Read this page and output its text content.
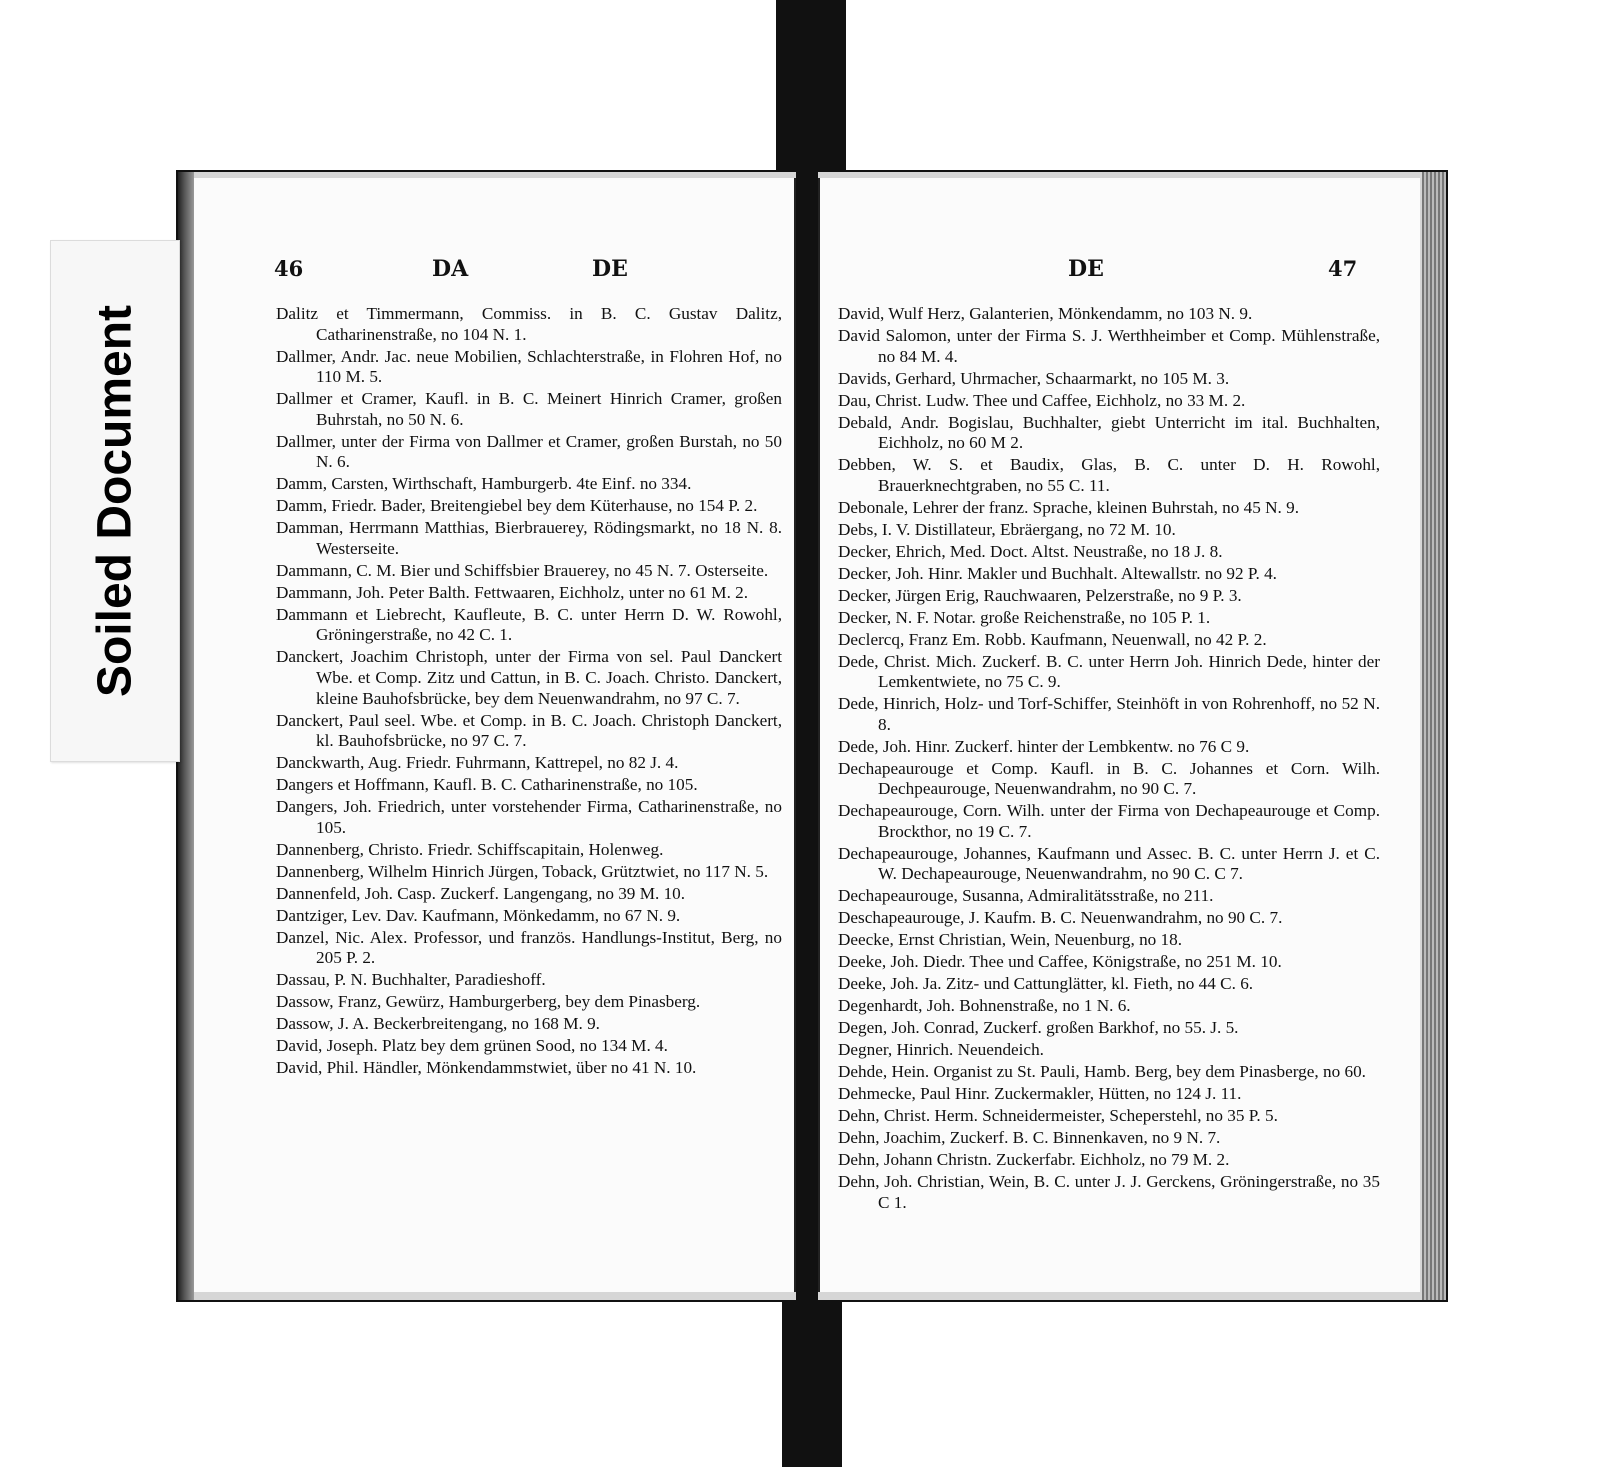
46	DA	DE
Dalitz et Timmermann, Commiss. in B. C. Gustav Dalitz, Catharinenstraße, no 104 N. 1.
Dallmer, Andr. Jac. neue Mobilien, Schlachterstraße, in Flohren Hof, no 110 M. 5.
Dallmer et Cramer, Kaufl. in B. C. Meinert Hinrich Cramer, großen Buhrstah, no 50 N. 6.
Dallmer, unter der Firma von Dallmer et Cramer, großen Burstah, no 50 N. 6.
Damm, Carsten, Wirthschaft, Hamburgerb. 4te Einf. no 334.
Damm, Friedr. Bader, Breitengiebel bey dem Küterhause, no 154 P. 2.
Damman, Herrmann Matthias, Bierbrauerey, Rödingsmarkt, no 18 N. 8. Westerseite.
Dammann, C. M. Bier und Schiffsbier Brauerey, no 45 N. 7. Osterseite.
Dammann, Joh. Peter Balth. Fettwaaren, Eichholz, unter no 61 M. 2.
Dammann et Liebrecht, Kaufleute, B. C. unter Herrn D. W. Rowohl, Gröningerstraße, no 42 C. 1.
Danckert, Joachim Christoph, unter der Firma von sel. Paul Danckert Wbe. et Comp. Zitz und Cattun, in B. C. Joach. Christo. Danckert, kleine Bauhofsbrücke, bey dem Neuenwandrahm, no 97 C. 7.
Danckert, Paul seel. Wbe. et Comp. in B. C. Joach. Christoph Danckert, kl. Bauhofsbrücke, no 97 C. 7.
Danckwarth, Aug. Friedr. Fuhrmann, Kattrepel, no 82 J. 4.
Dangers et Hoffmann, Kaufl. B. C. Catharinenstraße, no 105.
Dangers, Joh. Friedrich, unter vorstehender Firma, Catharinenstraße, no 105.
Dannenberg, Christo. Friedr. Schiffscapitain, Holenweg.
Dannenberg, Wilhelm Hinrich Jürgen, Toback, Grütztwiet, no 117 N. 5.
Dannenfeld, Joh. Casp. Zuckerf. Langengang, no 39 M. 10.
Dantziger, Lev. Dav. Kaufmann, Mönkedamm, no 67 N. 9.
Danzel, Nic. Alex. Professor, und französ. Handlungs-Institut, Berg, no 205 P. 2.
Dassau, P. N. Buchhalter, Paradieshoff.
Dassow, Franz, Gewürz, Hamburgerberg, bey dem Pinasberg.
Dassow, J. A. Beckerbreitengang, no 168 M. 9.
David, Joseph. Platz bey dem grünen Sood, no 134 M. 4.
David, Phil. Händler, Mönkendammstwiet, über no 41 N. 10.
DE	47
David, Wulf Herz, Galanterien, Mönkendamm, no 103 N. 9.
David Salomon, unter der Firma S. J. Werthheimber et Comp. Mühlenstraße, no 84 M. 4.
Davids, Gerhard, Uhrmacher, Schaarmarkt, no 105 M. 3.
Dau, Christ. Ludw. Thee und Caffee, Eichholz, no 33 M. 2.
Debald, Andr. Bogislau, Buchhalter, giebt Unterricht im ital. Buchhalten, Eichholz, no 60 M 2.
Debben, W. S. et Baudix, Glas, B. C. unter D. H. Rowohl, Brauerknechtgraben, no 55 C. 11.
Debonale, Lehrer der franz. Sprache, kleinen Buhrstah, no 45 N. 9.
Debs, I. V. Distillateur, Ebräergang, no 72 M. 10.
Decker, Ehrich, Med. Doct. Altst. Neustraße, no 18 J. 8.
Decker, Joh. Hinr. Makler und Buchhalt. Altewallstr. no 92 P. 4.
Decker, Jürgen Erig, Rauchwaaren, Pelzerstraße, no 9 P. 3.
Decker, N. F. Notar. große Reichenstraße, no 105 P. 1.
Declercq, Franz Em. Robb. Kaufmann, Neuenwall, no 42 P. 2.
Dede, Christ. Mich. Zuckerf. B. C. unter Herrn Joh. Hinrich Dede, hinter der Lemkentwiete, no 75 C. 9.
Dede, Hinrich, Holz- und Torf-Schiffer, Steinhöft in von Rohrenhoff, no 52 N. 8.
Dede, Joh. Hinr. Zuckerf. hinter der Lembkentw. no 76 C 9.
Dechapeaurouge et Comp. Kaufl. in B. C. Johannes et Corn. Wilh. Dechpeaurouge, Neuenwandrahm, no 90 C. 7.
Dechapeaurouge, Corn. Wilh. unter der Firma von Dechapeaurouge et Comp. Brockthor, no 19 C. 7.
Dechapeaurouge, Johannes, Kaufmann und Assec. B. C. unter Herrn J. et C. W. Dechapeaurouge, Neuenwandrahm, no 90 C. C 7.
Dechapeaurouge, Susanna, Admiralitätsstraße, no 211.
Deschapeaurouge, J. Kaufm. B. C. Neuenwandrahm, no 90 C. 7.
Deecke, Ernst Christian, Wein, Neuenburg, no 18.
Deeke, Joh. Diedr. Thee und Caffee, Königstraße, no 251 M. 10.
Deeke, Joh. Ja. Zitz- und Cattunglätter, kl. Fieth, no 44 C. 6.
Degenhardt, Joh. Bohnenstraße, no 1 N. 6.
Degen, Joh. Conrad, Zuckerf. großen Barkhof, no 55. J. 5.
Degner, Hinrich. Neuendeich.
Dehde, Hein. Organist zu St. Pauli, Hamb. Berg, bey dem Pinasberge, no 60.
Dehmecke, Paul Hinr. Zuckermakler, Hütten, no 124 J. 11.
Dehn, Christ. Herm. Schneidermeister, Scheperstehl, no 35 P. 5.
Dehn, Joachim, Zuckerf. B. C. Binnenkaven, no 9 N. 7.
Dehn, Johann Christn. Zuckerfabr. Eichholz, no 79 M. 2.
Dehn, Joh. Christian, Wein, B. C. unter J. J. Gerckens, Gröningerstraße, no 35 C 1.
Soiled Document
